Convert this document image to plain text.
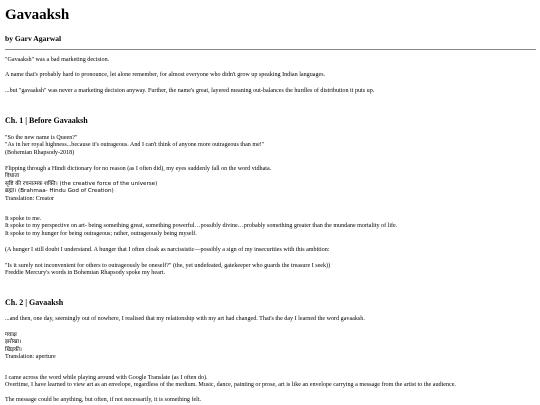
Gavaaksh
by Garv Agarwal
"Gavaaksh" was a bad marketing decision.
A name that's probably hard to pronounce, let alone remember, for almost everyone who didn't grow up speaking Indian languages.
...but "gavaaksh" was never a marketing decision anyway. Further, the name's great, layered meaning out-balances the hurdles of distribution it puts up.
Ch. 1 | Before Gavaaksh
"So the new name is Queen?"
"As in her royal highness...because it's outrageous. And I can't think of anyone more outrageous than me!"
(Bohemian Rhapsody-2018)
Flipping through a Hindi dictionary for no reason (as I often did), my eyes suddenly fall on the word vidhata.
विधाता
सृष्टि की रचनात्मक शक्ति। (the creative force of the universe)
ब्रह्मा। (Brahmaa- Hindu God of Creation)
Translation: Creator
It spoke to me.
It spoke to my perspective on art- being something great, something powerful…possibly divine…probably something greater than the mundane mortality of life.
It spoke to my hunger for being outrageous; rather, outrageously being myself.
(A hunger I still doubt I understand. A hunger that I often cloak as narcissistic—possibly a sign of my insecurities with this ambition:
"Is it surely not inconvenient for others to outrageously be oneself?" (the, yet undefeated, gatekeeper who guards the treasure I seek))
Freddie Mercury's words in Bohemian Rhapsody spoke my heart.
Ch. 2 | Gavaaksh
...and then, one day, seemingly out of nowhere, I realised that my relationship with my art had changed. That's the day I learned the word gavaaksh.
गवाक्ष
झरोखा।
खिड़की।
Translation: aperture
I came across the word while playing around with Google Translate (as I often do).
Overtime, I have learned to view art as an envelope, regardless of the medium. Music, dance, painting or prose, art is like an envelope carrying a message from the artist to the audience.
The message could be anything, but often, if not necessarily, it is something felt.
